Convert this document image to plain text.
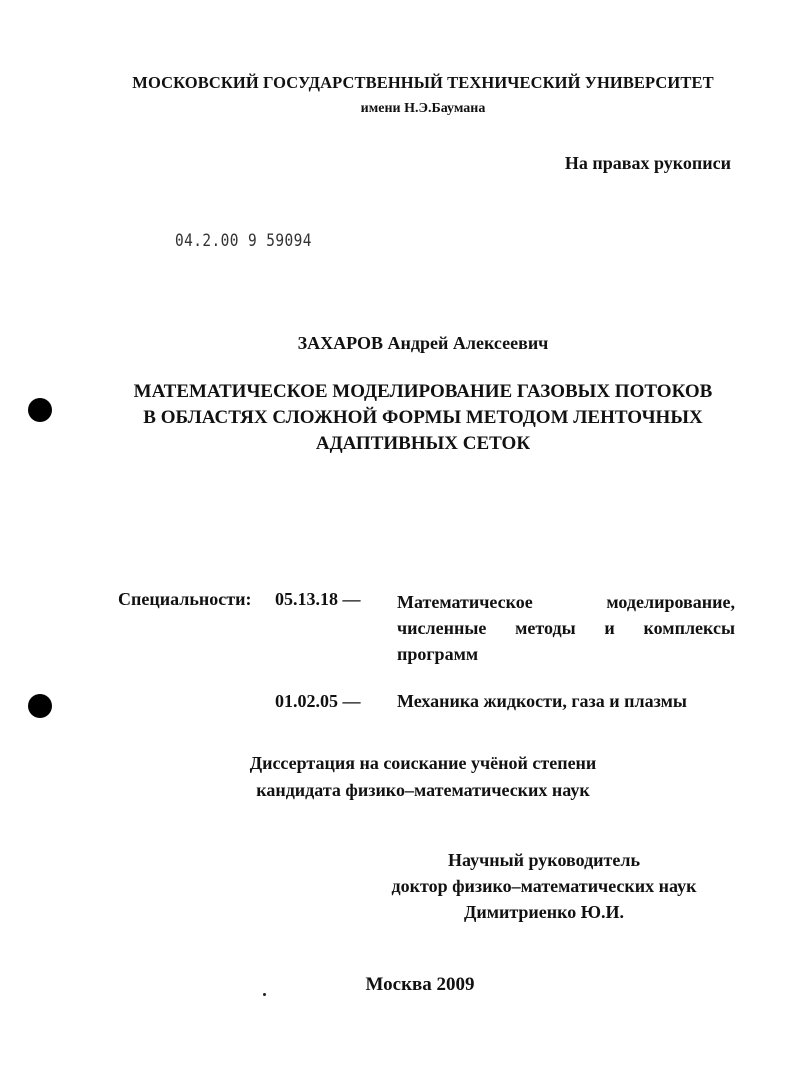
МОСКОВСКИЙ ГОСУДАРСТВЕННЫЙ ТЕХНИЧЕСКИЙ УНИВЕРСИТЕТ
имени Н.Э.Баумана
На правах рукописи
04.2.00 9 59094
ЗАХАРОВ Андрей Алексеевич
МАТЕМАТИЧЕСКОЕ МОДЕЛИРОВАНИЕ ГАЗОВЫХ ПОТОКОВ
В ОБЛАСТЯХ СЛОЖНОЙ ФОРМЫ МЕТОДОМ ЛЕНТОЧНЫХ
АДАПТИВНЫХ СЕТОК
Специальности: 05.13.18 — Математическое	моделирование,
численные методы и комплексы
программ
01.02.05 — Механика жидкости, газа и плазмы
Диссертация на соискание учёной степени
кандидата физико–математических наук
Научный руководитель
доктор физико–математических наук
Димитриенко Ю.И.
Москва 2009
